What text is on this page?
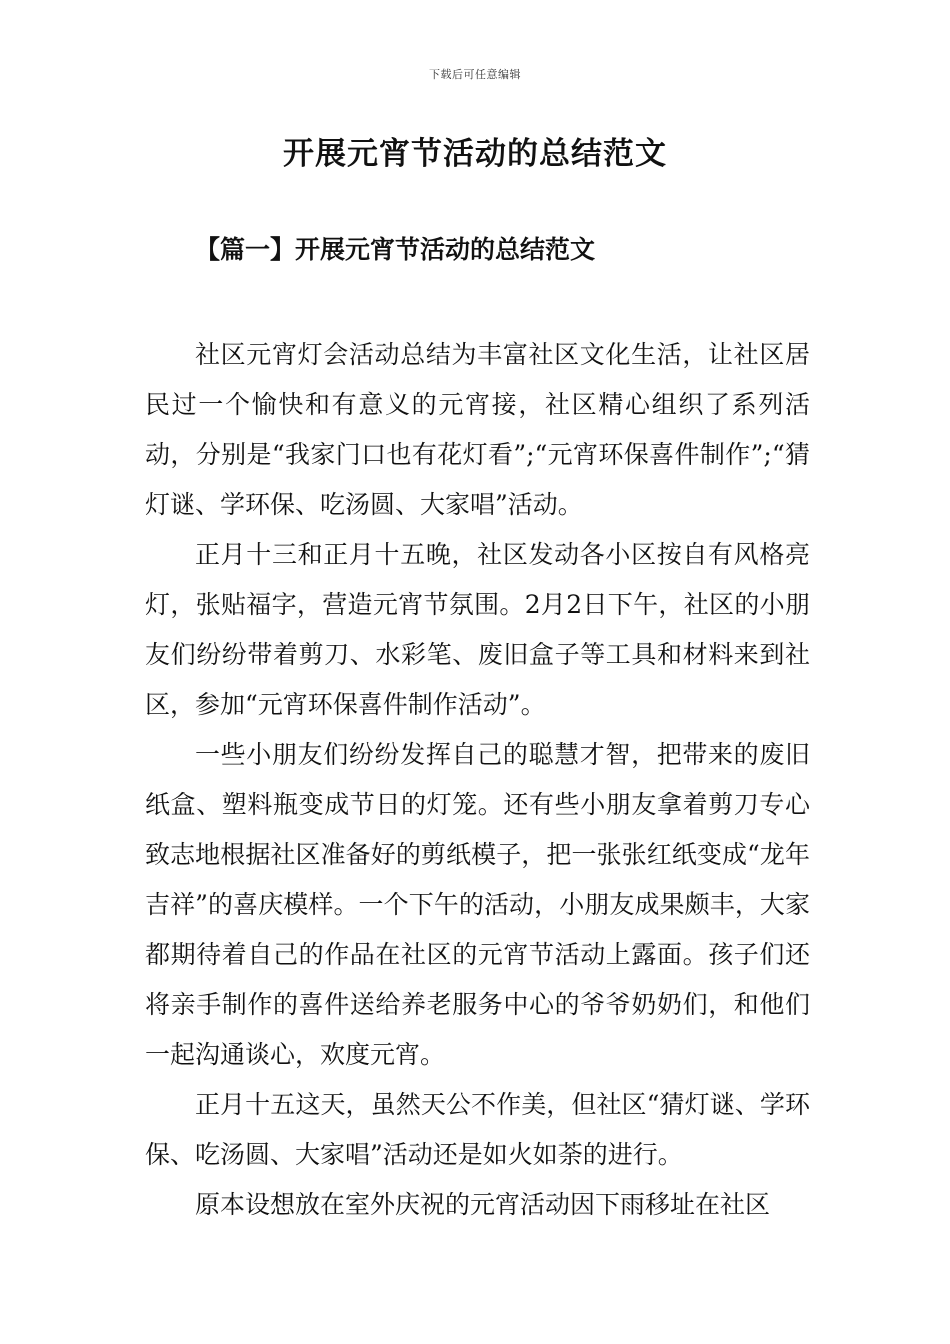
下载后可任意编辑
开展元宵节活动的总结范文
【篇一】开展元宵节活动的总结范文

社区元宵灯会活动总结为丰富社区文化生活，让社区居民过一个愉快和有意义的元宵接，社区精心组织了系列活动，分别是“我家门口也有花灯看”;“元宵环保喜件制作”;“猜灯谜、学环保、吃汤圆、大家唱”活动。

正月十三和正月十五晚，社区发动各小区按自有风格亮灯，张贴福字，营造元宵节氛围。2月2日下午，社区的小朋友们纷纷带着剪刀、水彩笔、废旧盒子等工具和材料来到社区，参加“元宵环保喜件制作活动”。

一些小朋友们纷纷发挥自己的聪慧才智，把带来的废旧纸盒、塑料瓶变成节日的灯笼。还有些小朋友拿着剪刀专心致志地根据社区准备好的剪纸模子，把一张张红纸变成“龙年吉祥”的喜庆模样。一个下午的活动，小朋友成果颇丰，大家都期待着自己的作品在社区的元宵节活动上露面。孩子们还将亲手制作的喜件送给养老服务中心的爷爷奶奶们，和他们一起沟通谈心，欢度元宵。

正月十五这天，虽然天公不作美，但社区“猜灯谜、学环保、吃汤圆、大家唱”活动还是如火如荼的进行。

原本设想放在室外庆祝的元宵活动因下雨移址在社区
